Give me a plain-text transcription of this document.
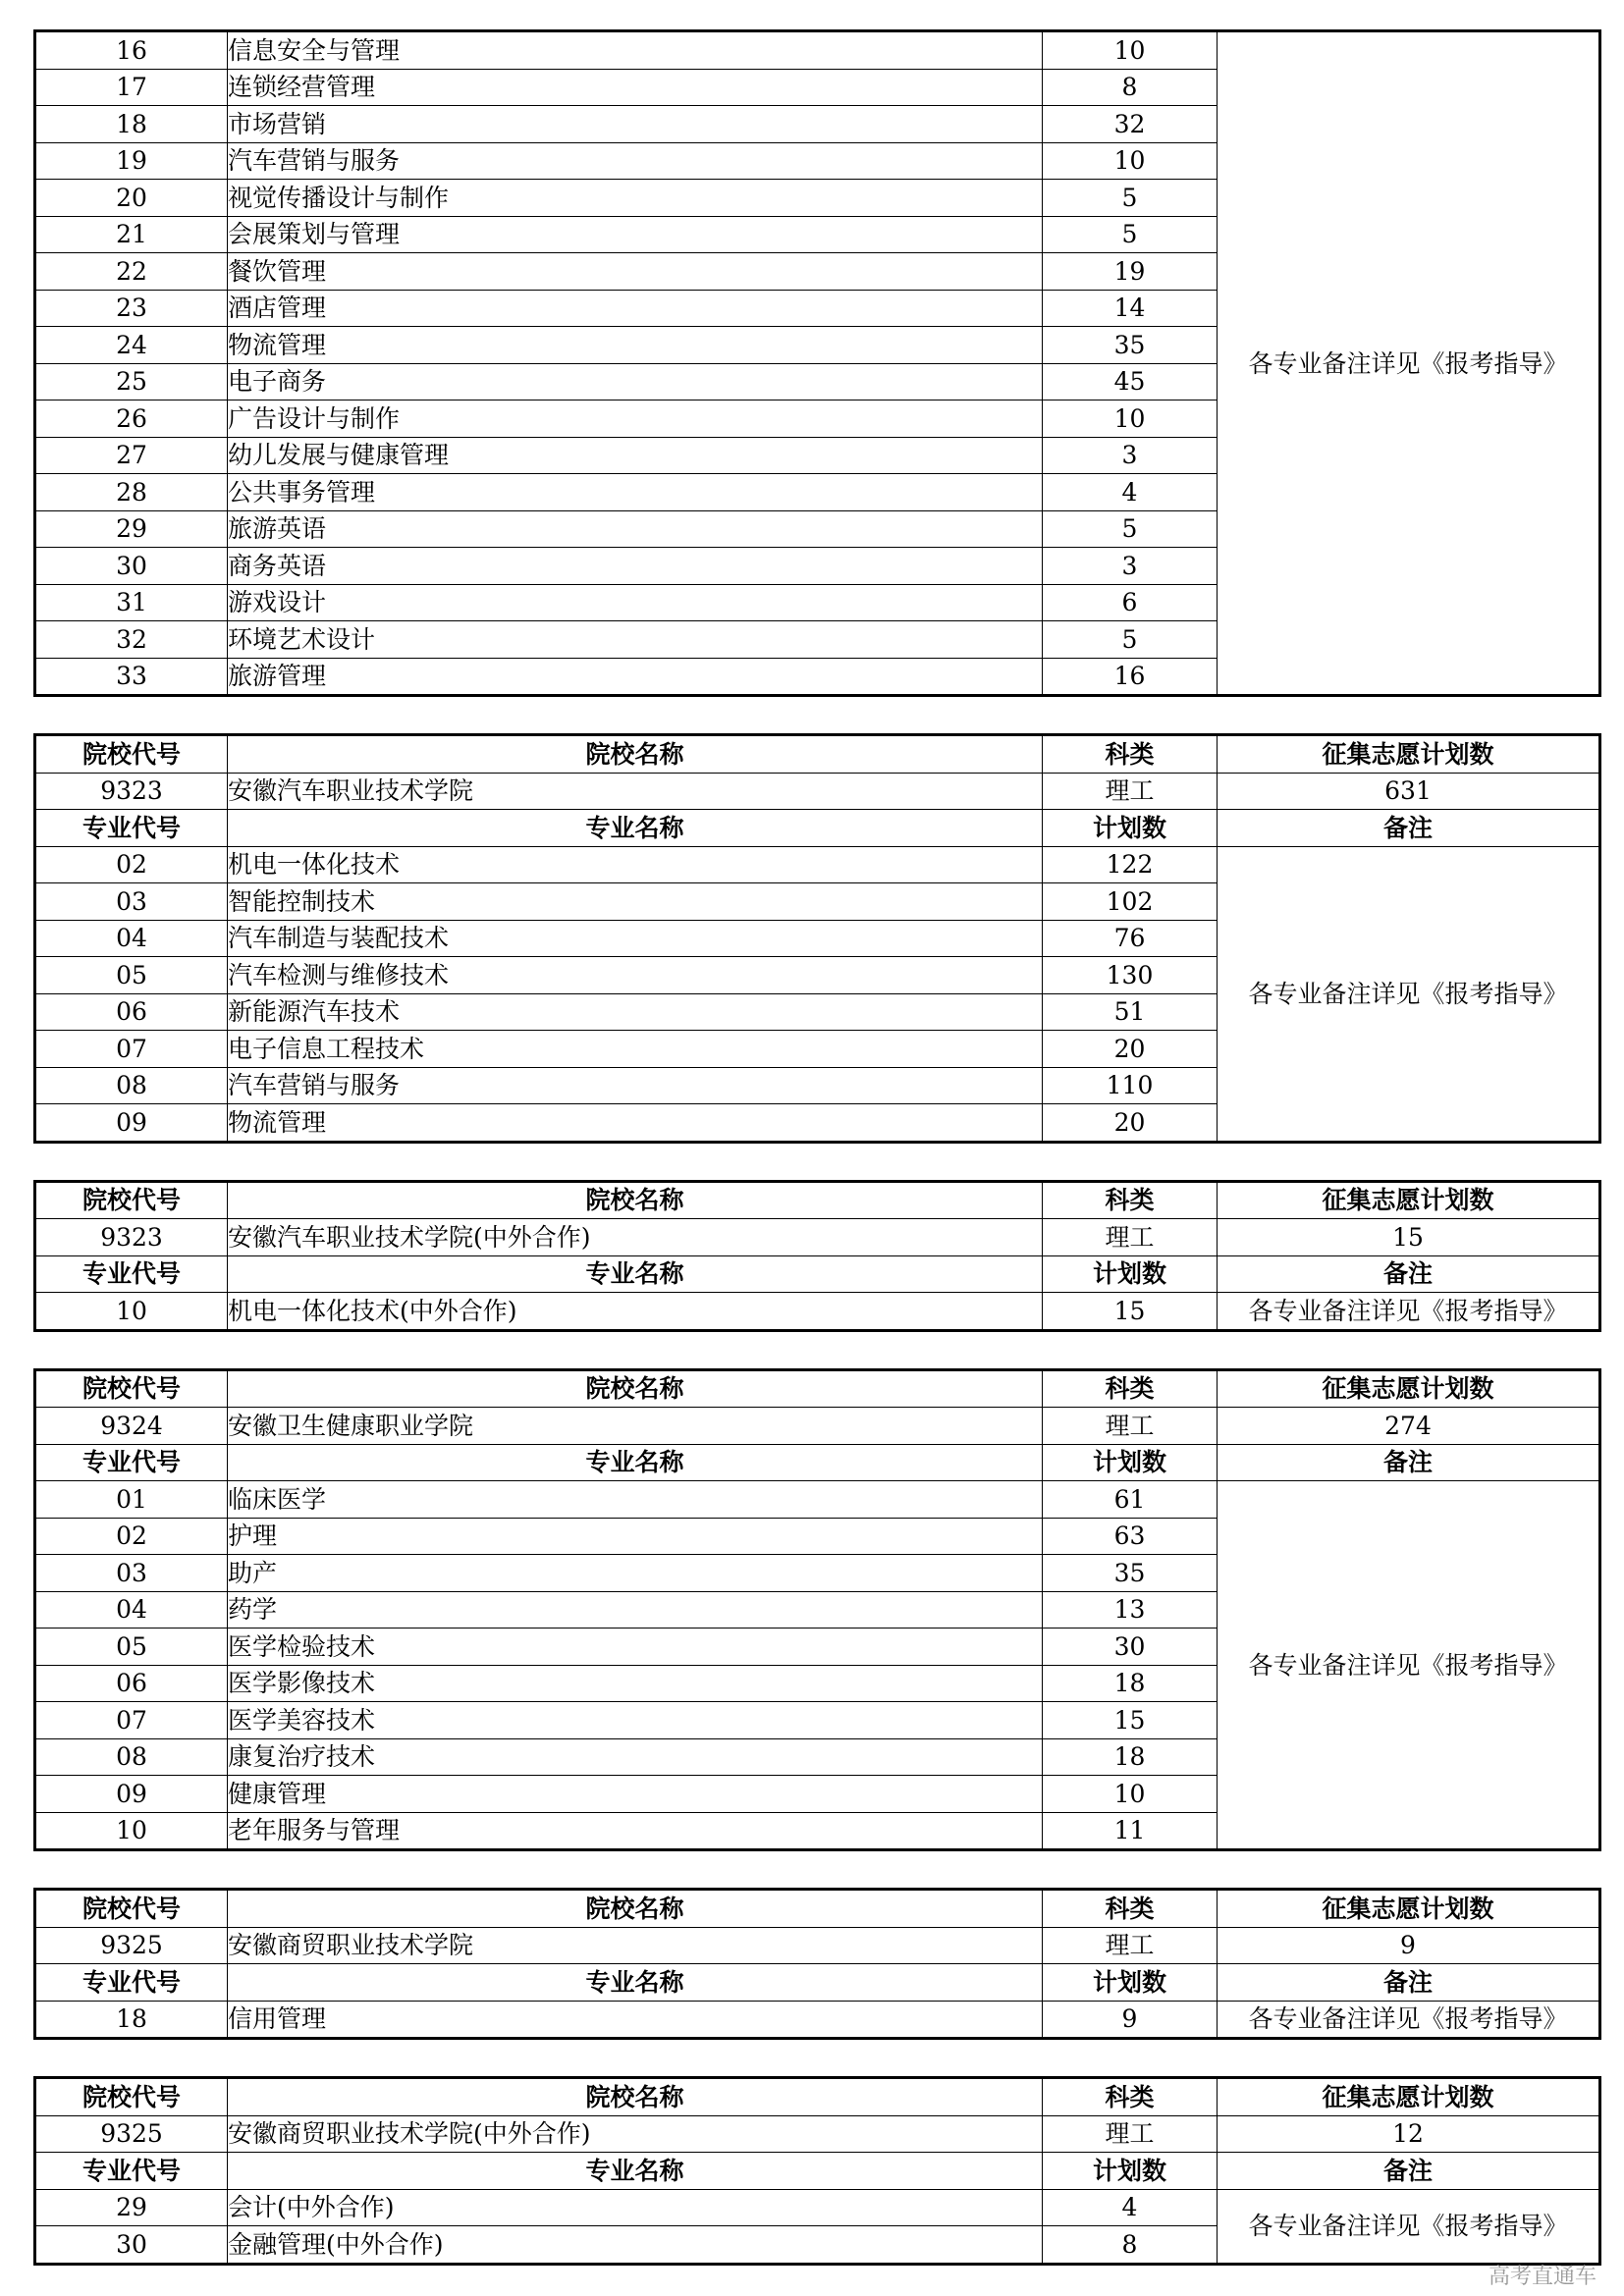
16	信息安全与管理	10	各专业备注详见《报考指导》
17	连锁经营管理	8	
18	市场营销	32	
19	汽车营销与服务	10	
20	视觉传播设计与制作	5	
21	会展策划与管理	5	
22	餐饮管理	19	
23	酒店管理	14	
24	物流管理	35	
25	电子商务	45	
26	广告设计与制作	10	
27	幼儿发展与健康管理	3	
28	公共事务管理	4	
29	旅游英语	5	
30	商务英语	3	
31	游戏设计	6	
32	环境艺术设计	5	
33	旅游管理	16	
院校代号	院校名称	科类	征集志愿计划数
9323	安徽汽车职业技术学院	理工	631
专业代号	专业名称	计划数	备注
02	机电一体化技术	122	各专业备注详见《报考指导》
03	智能控制技术	102	
04	汽车制造与装配技术	76	
05	汽车检测与维修技术	130	
06	新能源汽车技术	51	
07	电子信息工程技术	20	
08	汽车营销与服务	110	
09	物流管理	20	
院校代号	院校名称	科类	征集志愿计划数
9323	安徽汽车职业技术学院(中外合作)	理工	15
专业代号	专业名称	计划数	备注
10	机电一体化技术(中外合作)	15	各专业备注详见《报考指导》
院校代号	院校名称	科类	征集志愿计划数
9324	安徽卫生健康职业学院	理工	274
专业代号	专业名称	计划数	备注
01	临床医学	61	各专业备注详见《报考指导》
02	护理	63	
03	助产	35	
04	药学	13	
05	医学检验技术	30	
06	医学影像技术	18	
07	医学美容技术	15	
08	康复治疗技术	18	
09	健康管理	10	
10	老年服务与管理	11	
院校代号	院校名称	科类	征集志愿计划数
9325	安徽商贸职业技术学院	理工	9
专业代号	专业名称	计划数	备注
18	信用管理	9	各专业备注详见《报考指导》
院校代号	院校名称	科类	征集志愿计划数
9325	安徽商贸职业技术学院(中外合作)	理工	12
专业代号	专业名称	计划数	备注
29	会计(中外合作)	4	各专业备注详见《报考指导》
30	金融管理(中外合作)	8	
高考直通车
